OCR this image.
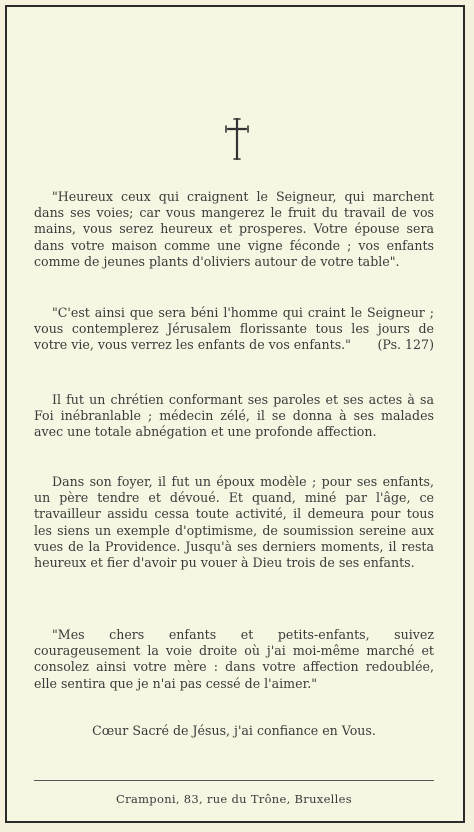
"Heureux ceux qui craignent le Seigneur, qui marchent dans ses voies; car vous mangerez le fruit du travail de vos mains, vous serez heureux et prosperes. Votre épouse sera dans votre maison comme une vigne féconde ; vos enfants comme de jeunes plants d'oliviers autour de votre table".
"C'est ainsi que sera béni l'homme qui craint le Seigneur ; vous contemplerez Jérusalem florissante tous les jours de votre vie, vous verrez les enfants de vos enfants."	(Ps. 127)
Il fut un chrétien conformant ses paroles et ses actes à sa Foi inébranlable ; médecin zélé, il se donna à ses malades avec une totale abnégation et une profonde affection.
Dans son foyer, il fut un époux modèle ; pour ses enfants, un père tendre et dévoué. Et quand, miné par l'âge, ce travailleur assidu cessa toute activité, il demeura pour tous les siens un exemple d'optimisme, de soumission sereine aux vues de la Providence. Jusqu'à ses derniers moments, il resta heureux et fier d'avoir pu vouer à Dieu trois de ses enfants.
"Mes chers enfants et petits-enfants, suivez courageusement la voie droite où j'ai moi-même marché et consolez ainsi votre mère : dans votre affection redoublée, elle sentira que je n'ai pas cessé de l'aimer."
Cœur Sacré de Jésus, j'ai confiance en Vous.
Cramponi, 83, rue du Trône, Bruxelles
